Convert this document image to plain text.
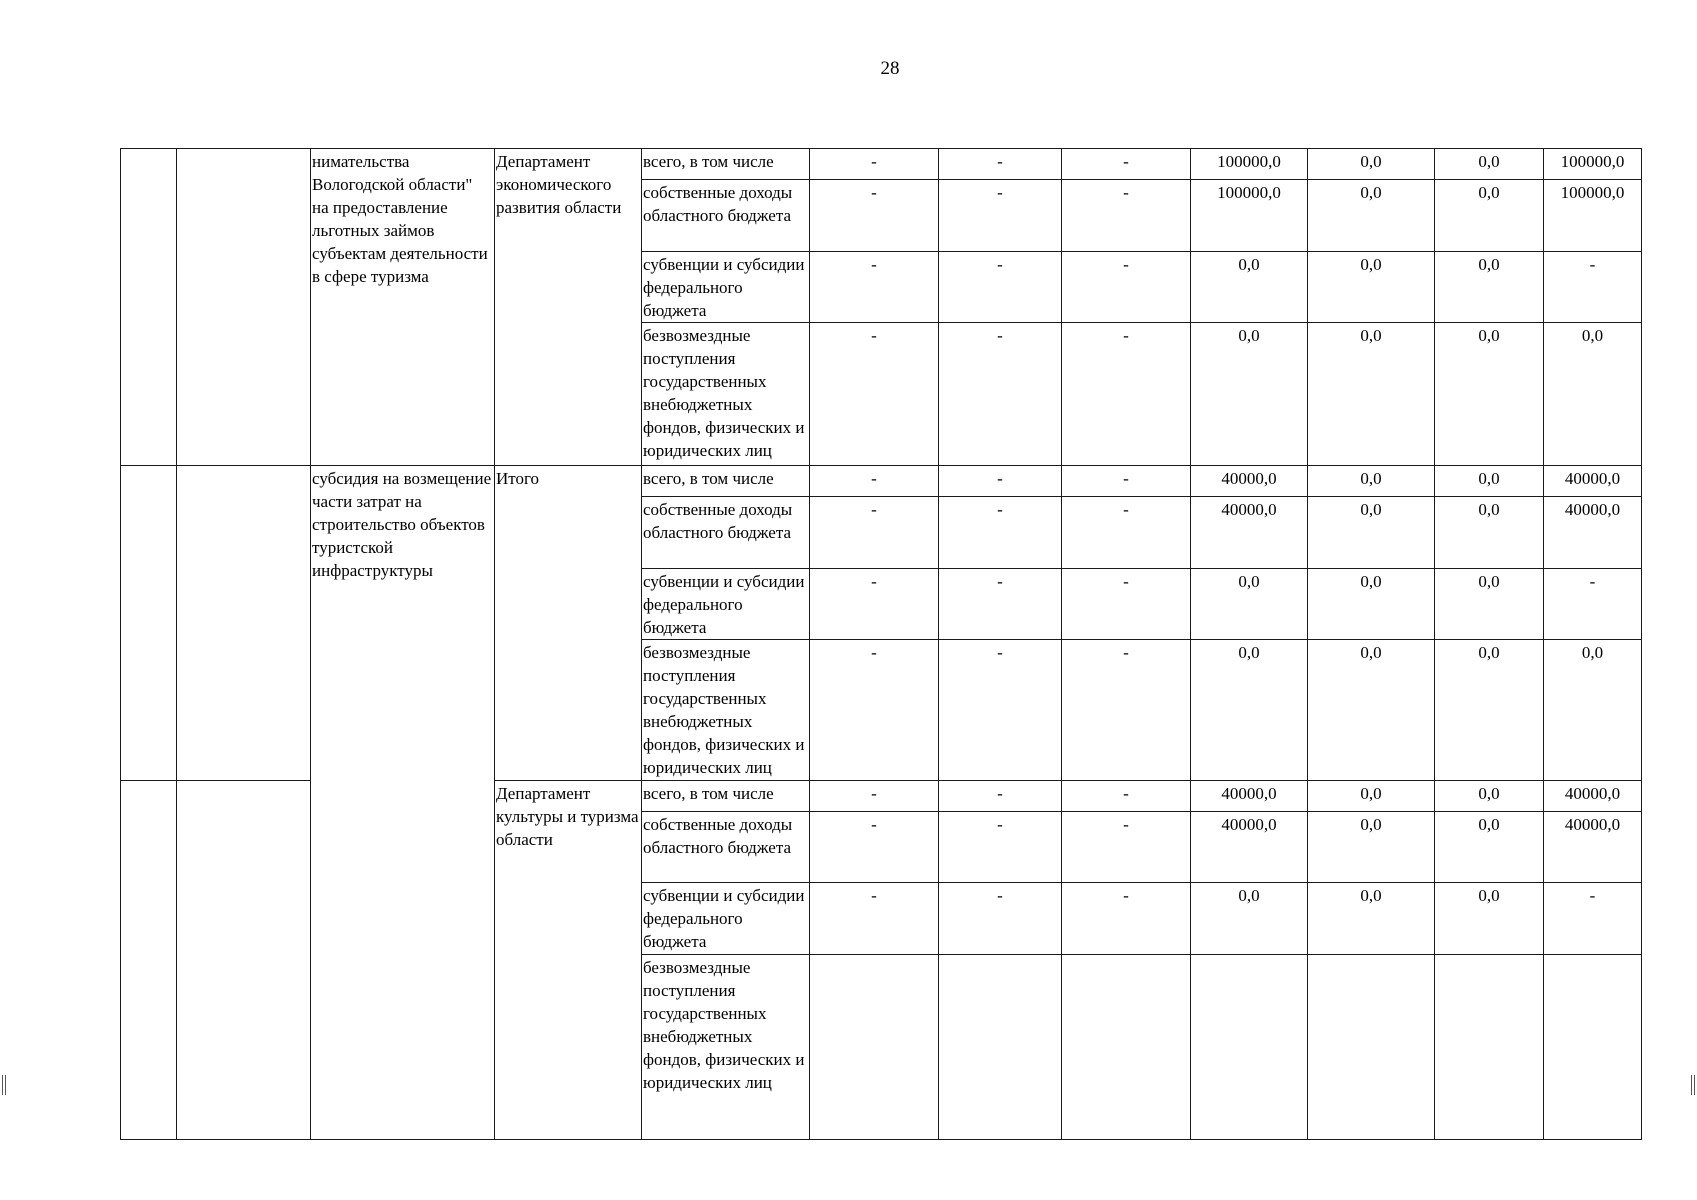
28
		нимательства Вологодской области" на предоставление льготных займов субъектам деятельности в сфере туризма	Департамент экономического развития области	всего, в том числе	-	-	-	100000,0	0,0	0,0	100000,0
				собственные доходы областного бюджета	-	-	-	100000,0	0,0	0,0	100000,0
				субвенции и субсидии федерального бюджета	-	-	-	0,0	0,0	0,0	-
				безвозмездные поступления государственных внебюджетных фондов, физических и юридических лиц	-	-	-	0,0	0,0	0,0	0,0
		субсидия на возмещение части затрат на строительство объектов туристской инфраструктуры	Итого	всего, в том числе	-	-	-	40000,0	0,0	0,0	40000,0
				собственные доходы областного бюджета	-	-	-	40000,0	0,0	0,0	40000,0
				субвенции и субсидии федерального бюджета	-	-	-	0,0	0,0	0,0	-
				безвозмездные поступления государственных внебюджетных фондов, физических и юридических лиц	-	-	-	0,0	0,0	0,0	0,0
			Департамент культуры и туризма области	всего, в том числе	-	-	-	40000,0	0,0	0,0	40000,0
				собственные доходы областного бюджета	-	-	-	40000,0	0,0	0,0	40000,0
				субвенции и субсидии федерального бюджета	-	-	-	0,0	0,0	0,0	-
				безвозмездные поступления государственных внебюджетных фондов, физических и юридических лиц							
